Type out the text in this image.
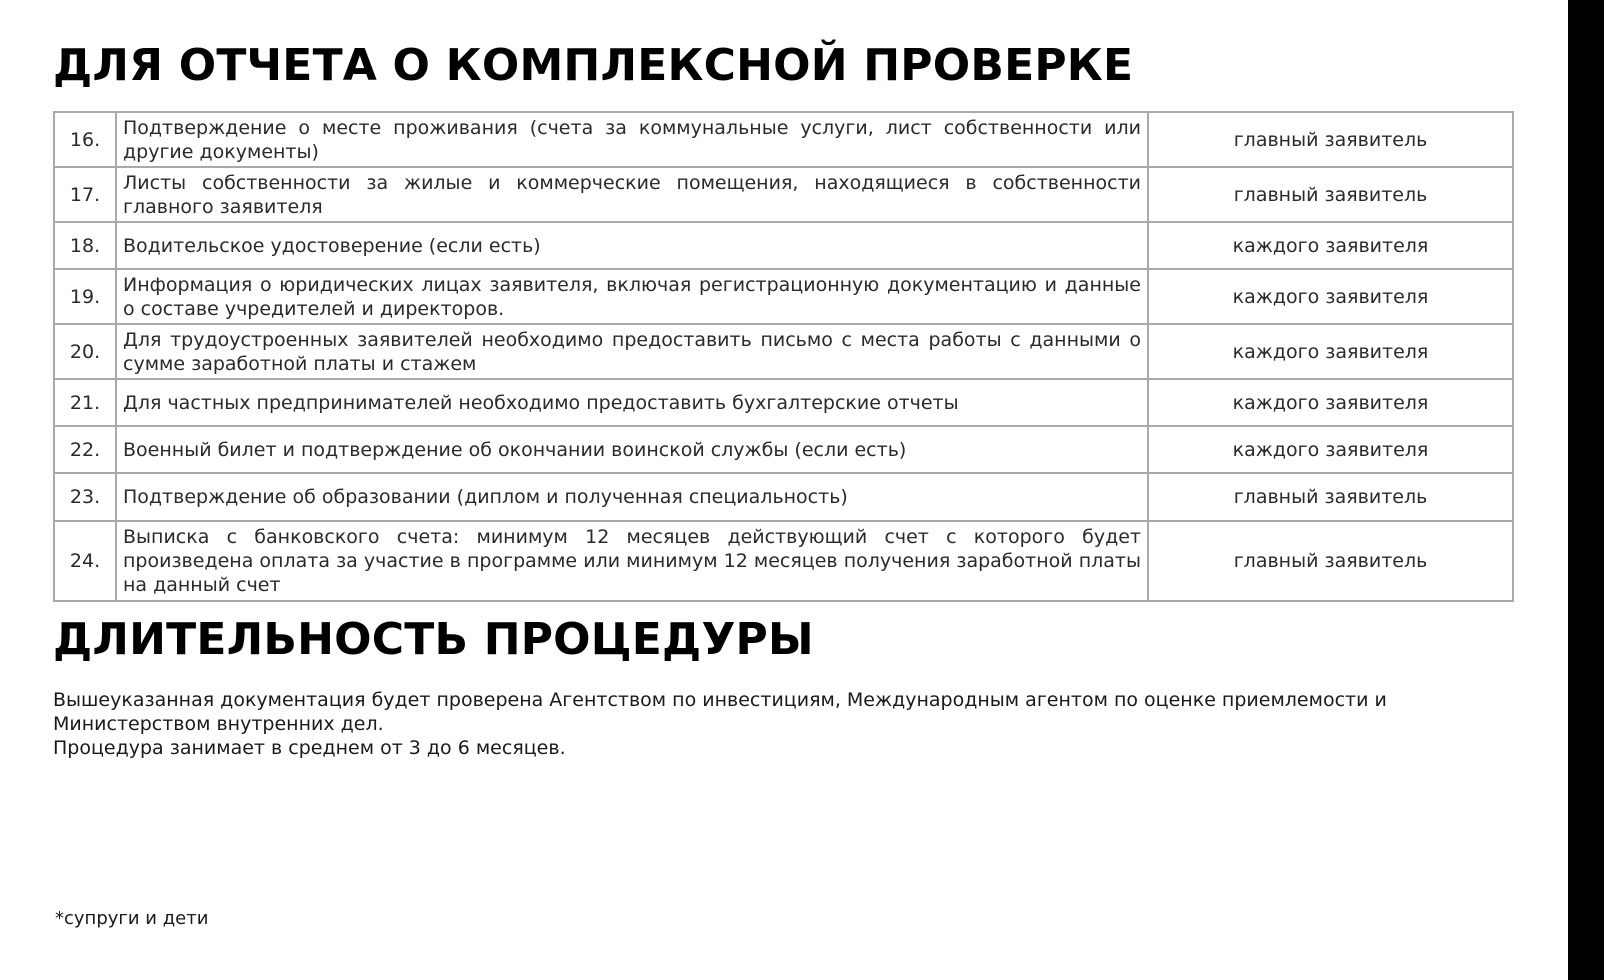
ДЛЯ ОТЧЕТА О КОМПЛЕКСНОЙ ПРОВЕРКЕ
16.	Подтверждение о месте проживания (счета за коммунальные услуги, лист собственности или другие документы)	главный заявитель
17.	Листы собственности за жилые и коммерческие помещения, находящиеся в собственности главного заявителя	главный заявитель
18.	Водительское удостоверение (если есть)	каждого заявителя
19.	Информация о юридических лицах заявителя, включая регистрационную документацию и данные о составе учредителей и директоров.	каждого заявителя
20.	Для трудоустроенных заявителей необходимо предоставить письмо с места работы с данными о сумме заработной платы и стажем	каждого заявителя
21.	Для частных предпринимателей необходимо предоставить бухгалтерские отчеты	каждого заявителя
22.	Военный билет и подтверждение об окончании воинской службы (если есть)	каждого заявителя
23.	Подтверждение об образовании (диплом и полученная специальность)	главный заявитель
24.	Выписка с банковского счета: минимум 12 месяцев действующий счет с которого будет произведена оплата за участие в программе или минимум 12 месяцев получения заработной платы на данный счет	главный заявитель
ДЛИТЕЛЬНОСТЬ ПРОЦЕДУРЫ

Вышеуказанная документация будет проверена Агентством по инвестициям, Международным агентом по оценке приемлемости и Министерством внутренних дел.
Процедура занимает в среднем от 3 до 6 месяцев.

*супруги и дети
